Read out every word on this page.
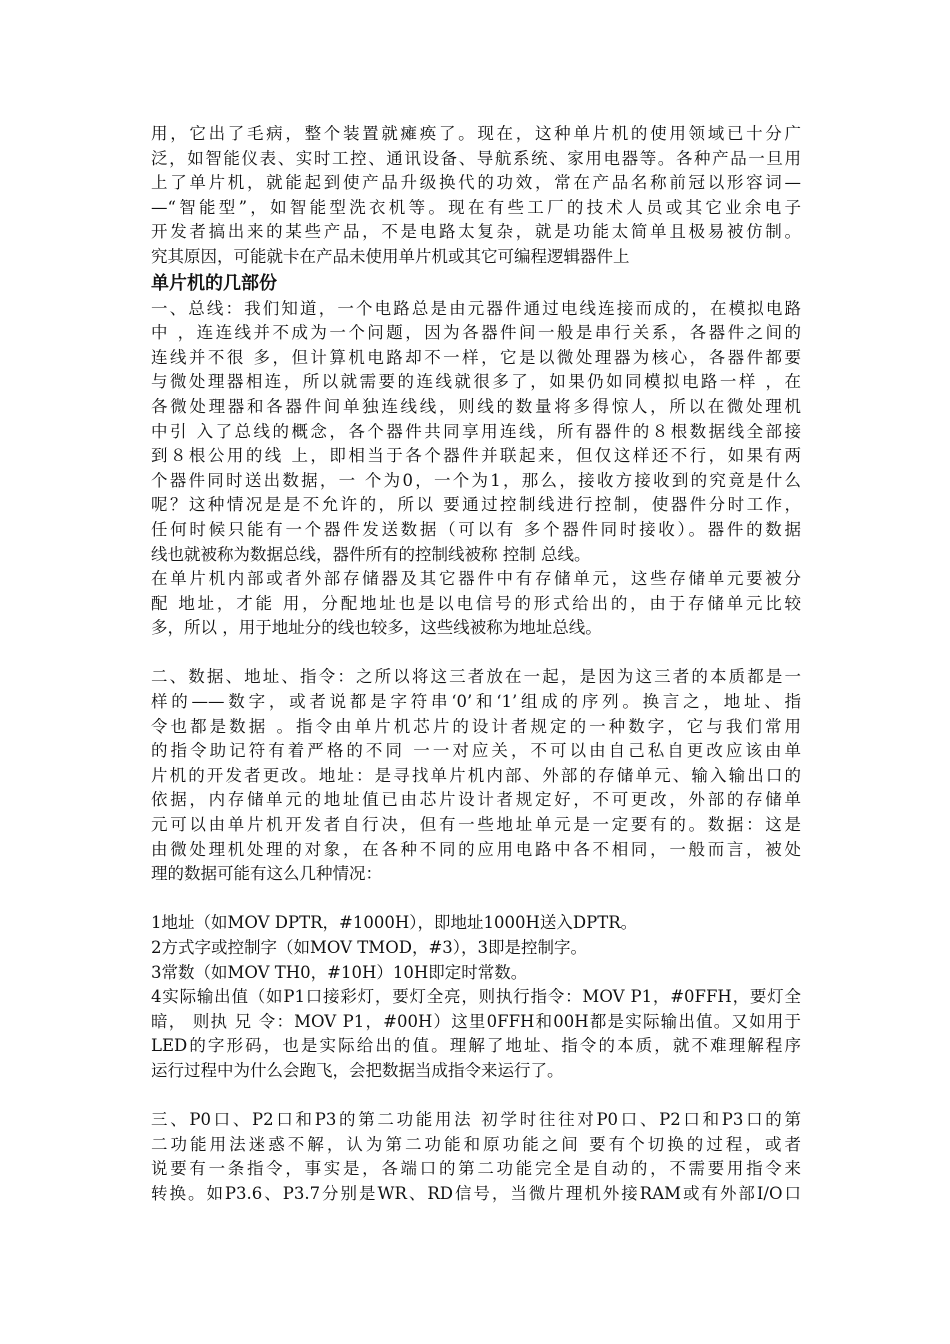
用，它出了毛病，整个装置就瘫痪了。现在，这种单片机的使用领域已十分广
泛，如智能仪表、实时工控、通讯设备、导航系统、家用电器等。各种产品一旦用
上了单片机，就能起到使产品升级换代的功效，常在产品名称前冠以形容词—
—“智能型”，如智能型洗衣机等。现在有些工厂的技术人员或其它业余电子
开发者搞出来的某些产品，不是电路太复杂，就是功能太简单且极易被仿制。
究其原因，可能就卡在产品未使用单片机或其它可编程逻辑器件上
单片机的几部份
一、总线：我们知道，一个电路总是由元器件通过电线连接而成的，在模拟电路
中 ，连连线并不成为一个问题，因为各器件间一般是串行关系，各器件之间的
连线并不很 多，但计算机电路却不一样，它是以微处理器为核心，各器件都要
与微处理器相连，所以就需要的连线就很多了，如果仍如同模拟电路一样 ，在
各微处理器和各器件间单独连线线，则线的数量将多得惊人，所以在微处理机
中引 入了总线的概念，各个器件共同享用连线，所有器件的８根数据线全部接
到８根公用的线 上，即相当于各个器件并联起来，但仅这样还不行，如果有两
个器件同时送出数据，一 个为0，一个为1，那么，接收方接收到的究竟是什么
呢？这种情况是是不允许的，所以 要通过控制线进行控制，使器件分时工作，
任何时候只能有一个器件发送数据（可以有 多个器件同时接收）。器件的数据
线也就被称为数据总线，器件所有的控制线被称 控制 总线。
在单片机内部或者外部存储器及其它器件中有存储单元，这些存储单元要被分
配 地址，才能 用，分配地址也是以电信号的形式给出的，由于存储单元比较
多，所以 ，用于地址分的线也较多，这些线被称为地址总线。
二、数据、地址、指令：之所以将这三者放在一起，是因为这三者的本质都是一
样的——数字，或者说都是字符串‘0’和‘1’组成的序列。换言之，地址、指
令也都是数据 。指令由单片机芯片的设计者规定的一种数字，它与我们常用
的指令助记符有着严格的不同 一一对应关，不可以由自己私自更改应该由单
片机的开发者更改。地址：是寻找单片机内部、外部的存储单元、输入输出口的
依据，内存储单元的地址值已由芯片设计者规定好，不可更改，外部的存储单
元可以由单片机开发者自行决，但有一些地址单元是一定要有的。数据：这是
由微处理机处理的对象，在各种不同的应用电路中各不相同，一般而言，被处
理的数据可能有这么几种情况：
1地址（如MOV DPTR，#1000H），即地址1000H送入DPTR。
2方式字或控制字（如MOV TMOD，#3），3即是控制字。
3常数（如MOV TH0，#10H）10H即定时常数。
4实际输出值（如P1口接彩灯，要灯全亮，则执行指令：MOV P1，#0FFH，要灯全
暗， 则执 兄 令：MOV P1，#00H）这里0FFH和00H都是实际输出值。又如用于
LED的字形码，也是实际给出的值。理解了地址、指令的本质，就不难理解程序
运行过程中为什么会跑飞，会把数据当成指令来运行了。
三、P0口、P2口和P3的第二功能用法 初学时往往对P0口、P2口和P3口的第
二功能用法迷惑不解，认为第二功能和原功能之间 要有个切换的过程，或者
说要有一条指令，事实是，各端口的第二功能完全是自动的，不需要用指令来
转换。如P3.6、P3.7分别是WR、RD信号，当微片理机外接RAM或有外部I/O口
